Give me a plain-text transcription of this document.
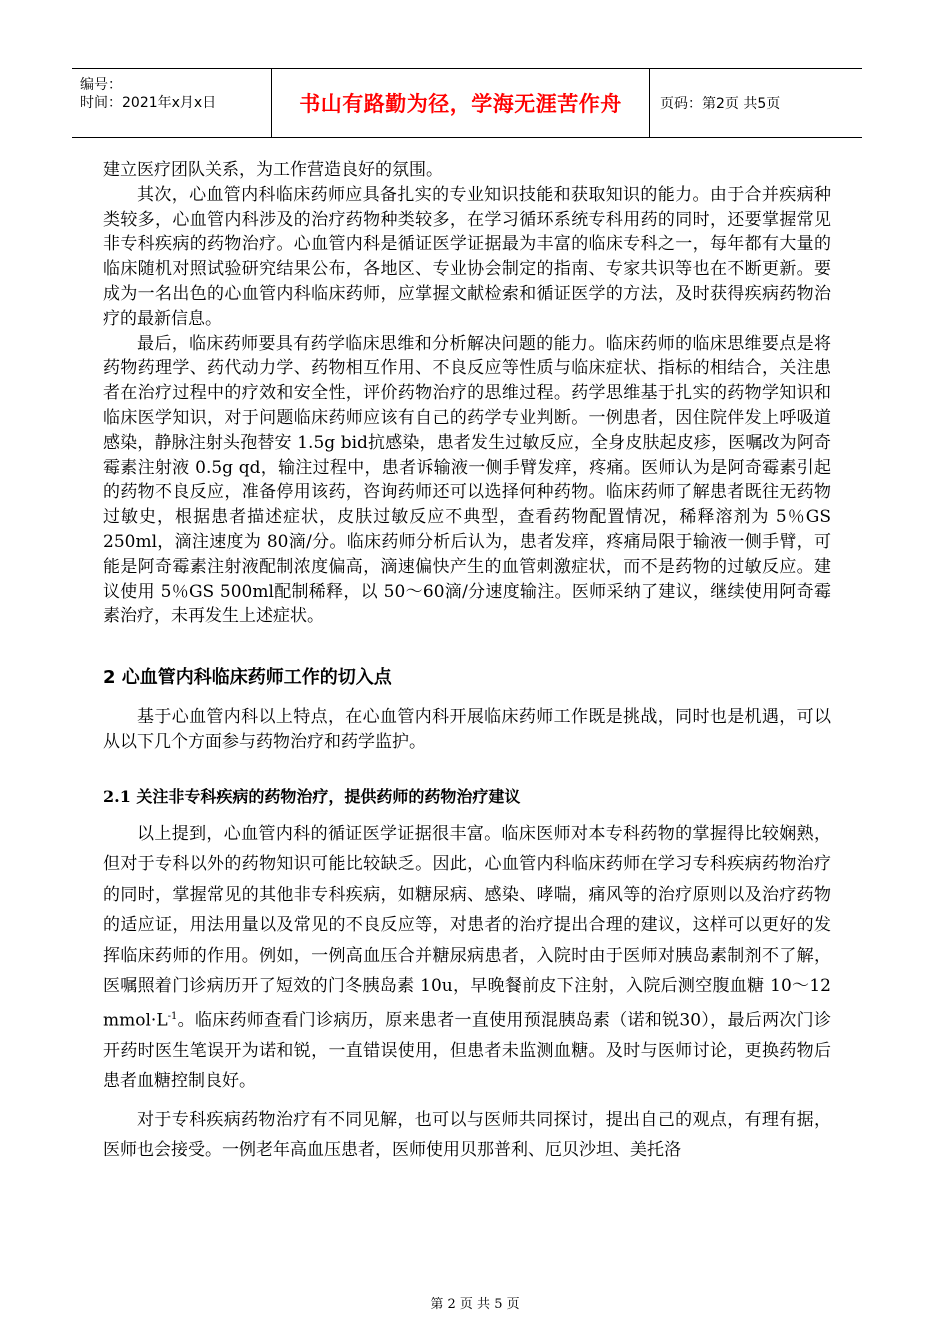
编号：
时间：2021年x月x日	书山有路勤为径，学海无涯苦作舟	页码：第2页 共5页

建立医疗团队关系，为工作营造良好的氛围。

其次，心血管内科临床药师应具备扎实的专业知识技能和获取知识的能力。由于合并疾病种类较多，心血管内科涉及的治疗药物种类较多，在学习循环系统专科用药的同时，还要掌握常见非专科疾病的药物治疗。心血管内科是循证医学证据最为丰富的临床专科之一，每年都有大量的临床随机对照试验研究结果公布，各地区、专业协会制定的指南、专家共识等也在不断更新。要成为一名出色的心血管内科临床药师，应掌握文献检索和循证医学的方法，及时获得疾病药物治疗的最新信息。

最后，临床药师要具有药学临床思维和分析解决问题的能力。临床药师的临床思维要点是将药物药理学、药代动力学、药物相互作用、不良反应等性质与临床症状、指标的相结合，关注患者在治疗过程中的疗效和安全性，评价药物治疗的思维过程。药学思维基于扎实的药物学知识和临床医学知识，对于问题临床药师应该有自己的药学专业判断。一例患者，因住院伴发上呼吸道感染，静脉注射头孢替安 1.5g bid抗感染，患者发生过敏反应，全身皮肤起皮疹，医嘱改为阿奇霉素注射液 0.5g qd，输注过程中，患者诉输液一侧手臂发痒，疼痛。医师认为是阿奇霉素引起的药物不良反应，准备停用该药，咨询药师还可以选择何种药物。临床药师了解患者既往无药物过敏史，根据患者描述症状，皮肤过敏反应不典型，查看药物配置情况，稀释溶剂为 5％GS 250ml，滴注速度为 80滴/分。临床药师分析后认为，患者发痒，疼痛局限于输液一侧手臂，可能是阿奇霉素注射液配制浓度偏高，滴速偏快产生的血管刺激症状，而不是药物的过敏反应。建议使用 5％GS 500ml配制稀释，以 50～60滴/分速度输注。医师采纳了建议，继续使用阿奇霉素治疗，未再发生上述症状。

2 心血管内科临床药师工作的切入点

基于心血管内科以上特点，在心血管内科开展临床药师工作既是挑战，同时也是机遇，可以从以下几个方面参与药物治疗和药学监护。

2.1 关注非专科疾病的药物治疗，提供药师的药物治疗建议

以上提到，心血管内科的循证医学证据很丰富。临床医师对本专科药物的掌握得比较娴熟，但对于专科以外的药物知识可能比较缺乏。因此，心血管内科临床药师在学习专科疾病药物治疗的同时，掌握常见的其他非专科疾病，如糖尿病、感染、哮喘，痛风等的治疗原则以及治疗药物的适应证，用法用量以及常见的不良反应等，对患者的治疗提出合理的建议，这样可以更好的发挥临床药师的作用。例如，一例高血压合并糖尿病患者，入院时由于医师对胰岛素制剂不了解，医嘱照着门诊病历开了短效的门冬胰岛素 10u，早晚餐前皮下注射，入院后测空腹血糖 10～12 $mmol\cdot L^{-1}$。临床药师查看门诊病历，原来患者一直使用预混胰岛素（诺和锐30），最后两次门诊开药时医生笔误开为诺和锐，一直错误使用，但患者未监测血糖。及时与医师讨论，更换药物后患者血糖控制良好。

对于专科疾病药物治疗有不同见解，也可以与医师共同探讨，提出自己的观点，有理有据，医师也会接受。一例老年高血压患者，医师使用贝那普利、厄贝沙坦、美托洛

第 2 页 共 5 页
